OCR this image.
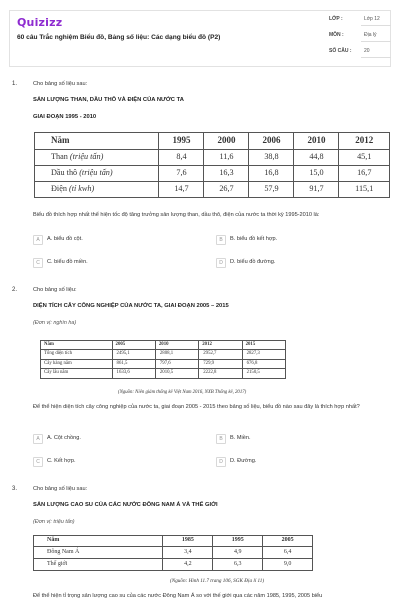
Quizizz
60 câu Trắc nghiệm Biểu đồ, Bảng số liệu: Các dạng biểu đồ (P2)
LỚP :	Lớp 12
MÔN :	Địa lý
SỐ CÂU :	20
1.	Cho bảng số liệu sau:
SẢN LƯỢNG THAN, DẦU THÔ VÀ ĐIỆN CỦA NƯỚC TA
GIAI ĐOẠN 1995 - 2010
Năm	1995	2000	2006	2010	2012
Than (triệu tấn)	8,4	11,6	38,8	44,8	45,1
Dầu thô (triệu tấn)	7,6	16,3	16,8	15,0	16,7
Điện (tỉ kwh)	14,7	26,7	57,9	91,7	115,1
Biểu đồ thích hợp nhất thể hiện tốc độ tăng trưởng sản lượng than, dầu thô, điện của nước ta thời kỳ 1995-2010 là:
A	A. biểu đồ cột.	B	B. biểu đồ kết hợp.
C	C. biểu đồ miền.	D	D. biểu đồ đường.
2.	Cho bảng số liệu:
DIỆN TÍCH CÂY CÔNG NGHIỆP CỦA NƯỚC TA, GIAI ĐOẠN 2005 – 2015
(Đơn vị: nghìn ha)
Năm	2005	2010	2012	2015
Tổng diện tích	2495,1	2808,1	2952,7	2827,3
Cây hàng năm	861,5	797,6	729,9	676,8
Cây lâu năm	1633,6	2010,5	2222,8	2150,5
(Nguồn: Niên giám thống kê Việt Nam 2016, NXB Thống kê, 2017)
Để thể hiện diện tích cây công nghiệp của nước ta, giai đoạn 2005 - 2015 theo bảng số liệu, biểu đồ nào sau đây là thích hợp nhất?
A	A. Cột chồng.	B	B. Miền.
C	C. Kết hợp.	D	D. Đường.
3.	Cho bảng số liệu sau:
SẢN LƯỢNG CAO SU CỦA CÁC NƯỚC ĐÔNG NAM Á VÀ THẾ GIỚI
(Đơn vị: triệu tấn)
Năm	1985	1995	2005
Đông Nam Á	3,4	4,9	6,4
Thế giới	4,2	6,3	9,0
(Nguồn: Hình 11.7 trang 106, SGK Địa lí 11)
Để thể hiện tỉ trọng sản lượng cao su của các nước Đông Nam Á so với thế giới qua các năm 1985, 1995, 2005 biểu
